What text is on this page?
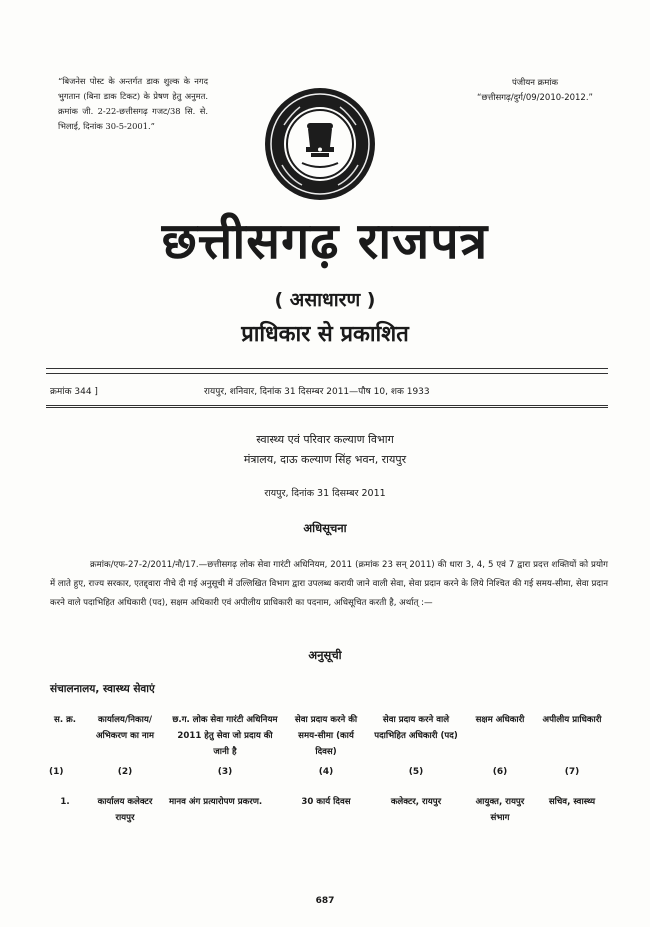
“बिजनेस पोस्ट के अन्तर्गत डाक शुल्क के नगद भुगतान (बिना डाक टिकट) के प्रेषण हेतु अनुमत. क्रमांक जी. 2-22-छत्तीसगढ़ गजट/38 सि. से. भिलाई, दिनांक 30-5-2001.”
पंजीयन क्रमांक
“छत्तीसगढ़/दुर्ग/09/2010-2012.”
छत्तीसगढ़ राजपत्र
( असाधारण )
प्राधिकार से प्रकाशित
क्रमांक 344 ]	रायपुर, शनिवार, दिनांक 31 दिसम्बर 2011—पौष 10, शक 1933
स्वास्थ्य एवं परिवार कल्याण विभाग
मंत्रालय, दाऊ कल्याण सिंह भवन, रायपुर
रायपुर, दिनांक 31 दिसम्बर 2011
अधिसूचना
क्रमांक/एफ-27-2/2011/नौ/17.—छत्तीसगढ़ लोक सेवा गारंटी अधिनियम, 2011 (क्रमांक 23 सन् 2011) की धारा 3, 4, 5 एवं 7 द्वारा प्रदत्त शक्तियों को प्रयोग में लाते हुए, राज्य सरकार, एतद्द्वारा नीचे दी गई अनुसूची में उल्लिखित विभाग द्वारा उपलब्ध करायी जाने वाली सेवा, सेवा प्रदान करने के लिये निश्चित की गई समय-सीमा, सेवा प्रदान करने वाले पदाभिहित अधिकारी (पद), सक्षम अधिकारी एवं अपीलीय प्राधिकारी का पदनाम, अधिसूचित करती है, अर्थात् :—
अनुसूची
संचालनालय, स्वास्थ्य सेवाएं
स. क्र.	कार्यालय/निकाय/ अभिकरण का नाम	छ.ग. लोक सेवा गारंटी अधिनियम 2011 हेतु सेवा जो प्रदाय की जानी है	सेवा प्रदाय करने की समय-सीमा (कार्य दिवस)	सेवा प्रदाय करने वाले पदाभिहित अधिकारी (पद)	सक्षम अधिकारी	अपीलीय प्राधिकारी
(1)	(2)	(3)	(4)	(5)	(6)	(7)
1.	कार्यालय कलेक्टर रायपुर	मानव अंग प्रत्यारोपण प्रकरण.	30 कार्य दिवस	कलेक्टर, रायपुर	आयुक्त, रायपुर संभाग	सचिव, स्वास्थ्य
687
